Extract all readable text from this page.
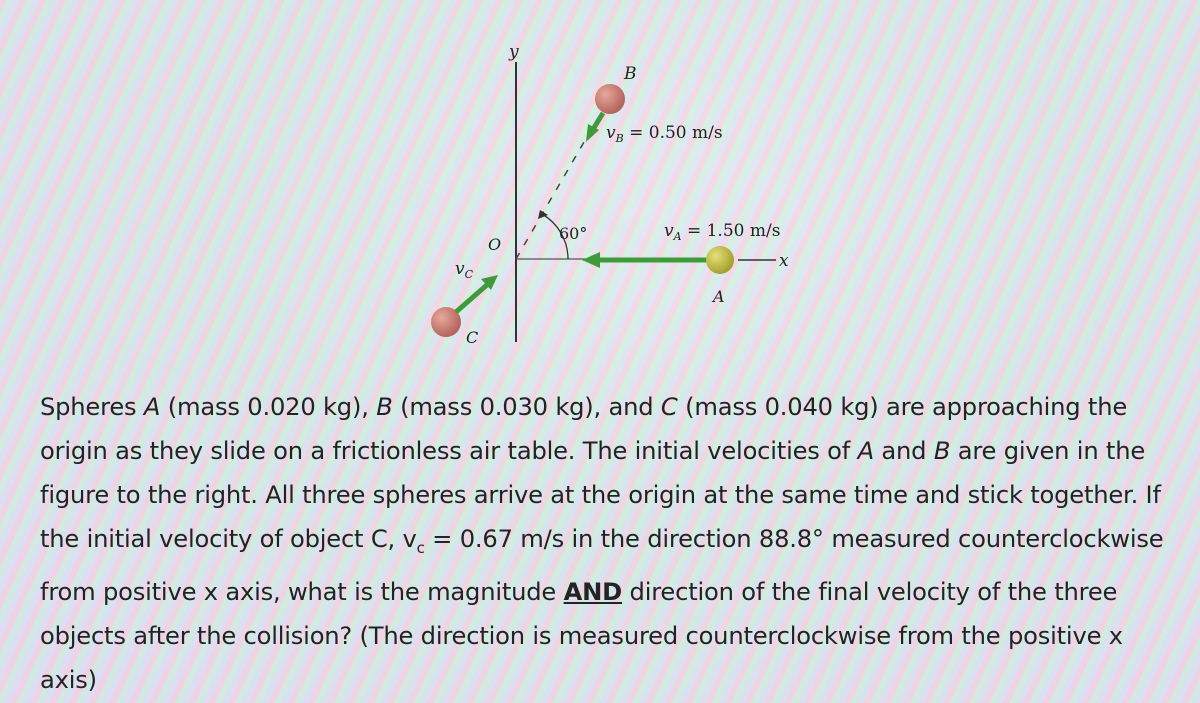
y
x
O
60°
B
$v_B = 0.50$ m/s
A
$v_A = 1.50$ m/s
C
$v_C$

Spheres A (mass 0.020 kg), B (mass 0.030 kg), and C (mass 0.040 kg) are approaching the origin as they slide on a frictionless air table. The initial velocities of A and B are given in the figure to the right. All three spheres arrive at the origin at the same time and stick together. If the initial velocity of object C, $v_c = 0.67$ m/s in the direction 88.8° measured counterclockwise from positive x axis, what is the magnitude AND direction of the final velocity of the three objects after the collision? (The direction is measured counterclockwise from the positive x axis)
